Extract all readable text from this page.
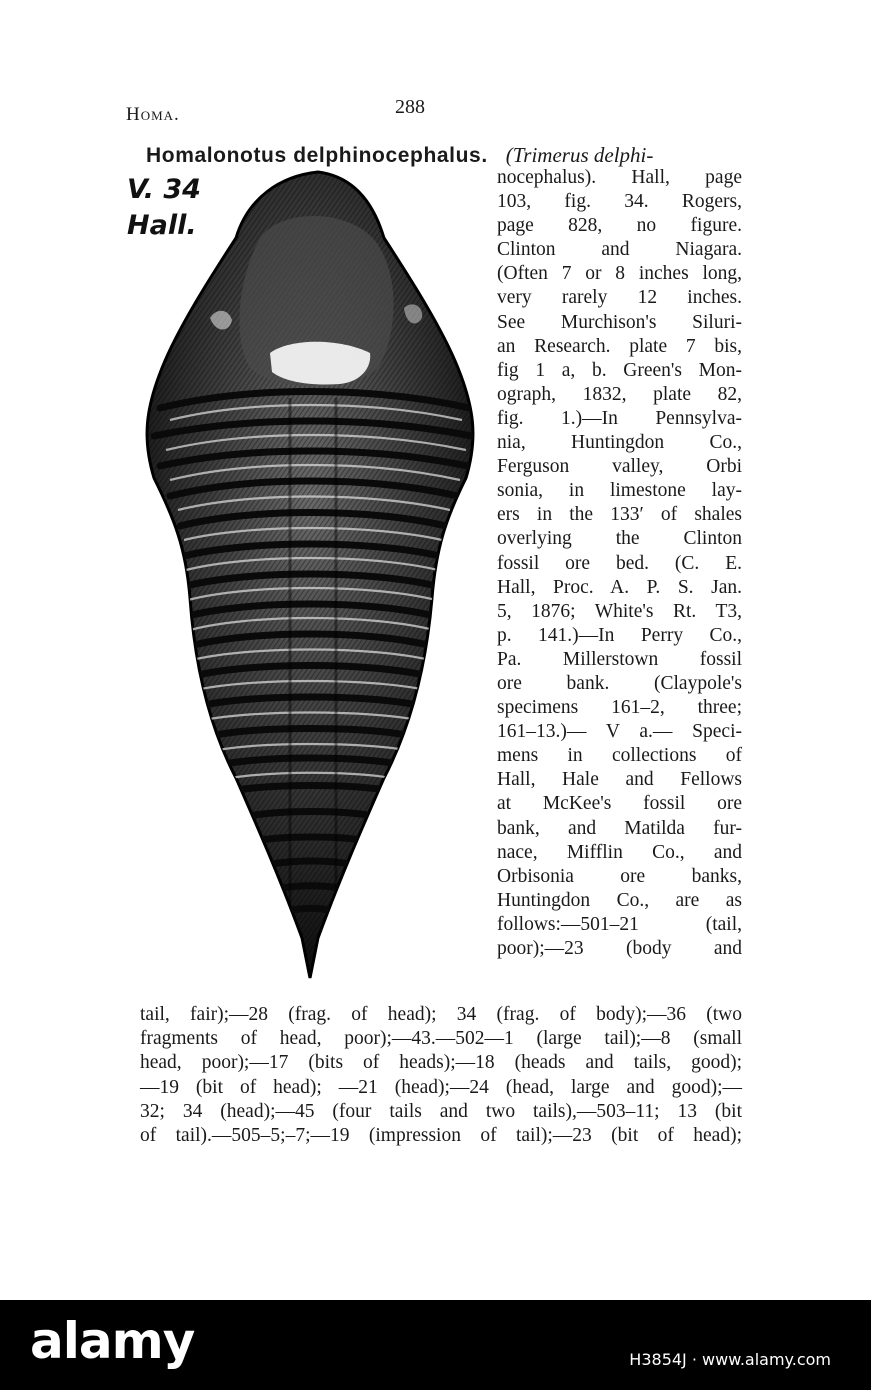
Homa.	288
V. 34
Hall.
Homalonotus delphinocephalus. (Trimerus delphi-
nocephalus). Hall, page
103, fig. 34. Rogers,
page 828, no figure.
Clinton and Niagara.
(Often 7 or 8 inches long,
very rarely 12 inches.
See Murchison's Siluri-
an Research. plate 7 bis,
fig 1 a, b. Green's Mon-
ograph, 1832, plate 82,
fig. 1.)—In Pennsylva-
nia, Huntingdon Co.,
Ferguson valley, Orbi
sonia, in limestone lay-
ers in the 133′ of shales
overlying the Clinton
fossil ore bed. (C. E.
Hall, Proc. A. P. S. Jan.
5, 1876; White's Rt. T3,
p. 141.)—In Perry Co.,
Pa. Millerstown fossil
ore bank. (Claypole's
specimens 161–2, three;
161–13.)— V a.— Speci-
mens in collections of
Hall, Hale and Fellows
at McKee's fossil ore
bank, and Matilda fur-
nace, Mifflin Co., and
Orbisonia ore banks,
Huntingdon Co., are as
follows:—501–21 (tail,
poor);—23 (body and
tail, fair);—28 (frag. of head); 34 (frag. of body);—36 (two
fragments of head, poor);—43.—502—1 (large tail);—8 (small
head, poor);—17 (bits of heads);—18 (heads and tails, good);
—19 (bit of head); —21 (head);—24 (head, large and good);—
32; 34 (head);—45 (four tails and two tails),—503–11; 13 (bit
of tail).—505–5;–7;—19 (impression of tail);—23 (bit of head);
alamy	H3854J · www.alamy.com
